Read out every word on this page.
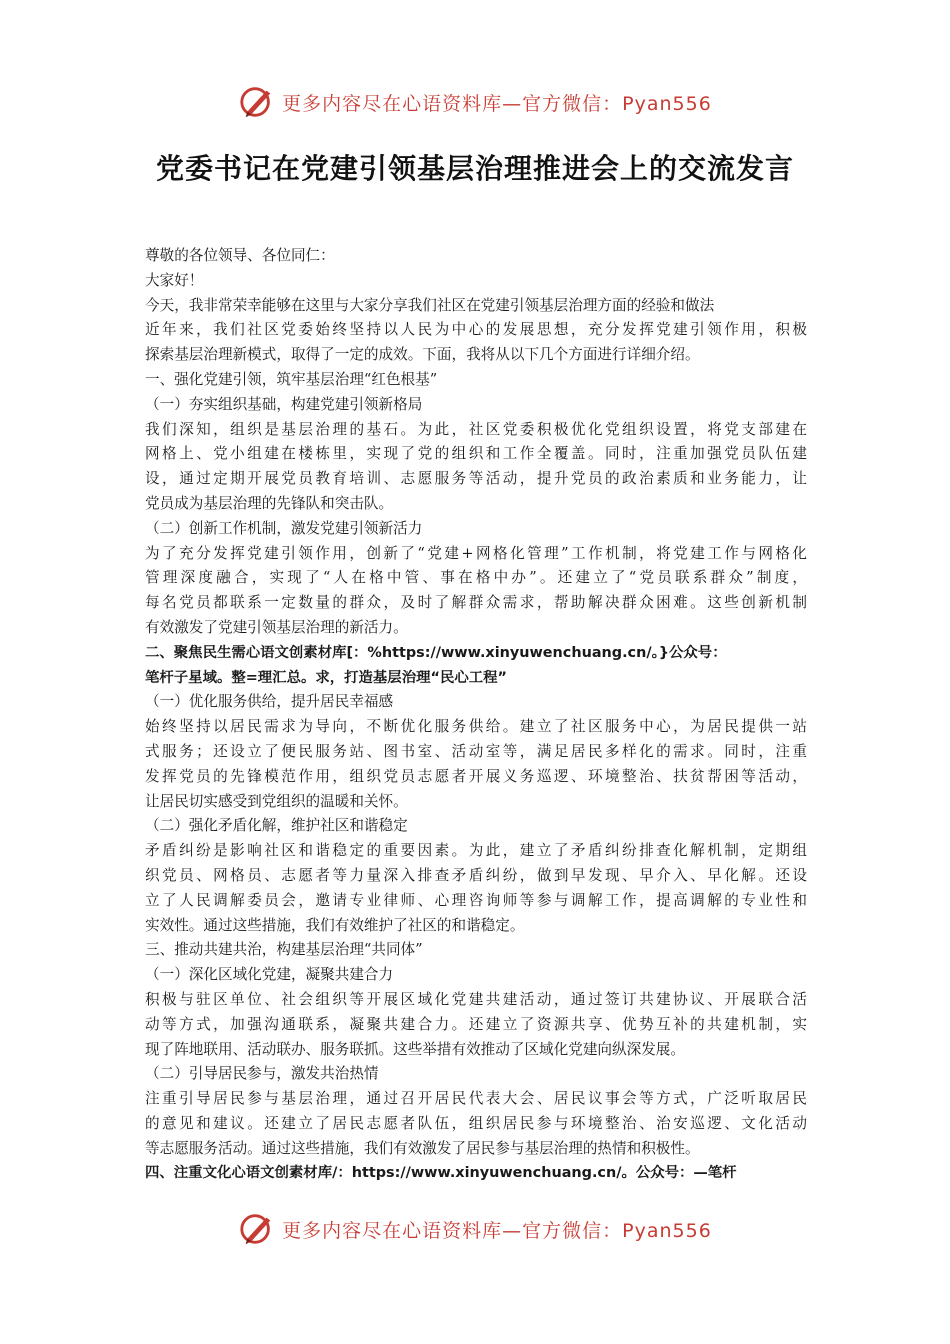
更多内容尽在心语资料库—官方微信：Pyan556
党委书记在党建引领基层治理推进会上的交流发言
尊敬的各位领导、各位同仁：
大家好！
今天，我非常荣幸能够在这里与大家分享我们社区在党建引领基层治理方面的经验和做法
近年来，我们社区党委始终坚持以人民为中心的发展思想，充分发挥党建引领作用，积极
探索基层治理新模式，取得了一定的成效。下面，我将从以下几个方面进行详细介绍。
一、强化党建引领，筑牢基层治理“红色根基”
（一）夯实组织基础，构建党建引领新格局
我们深知，组织是基层治理的基石。为此，社区党委积极优化党组织设置，将党支部建在
网格上、党小组建在楼栋里，实现了党的组织和工作全覆盖。同时，注重加强党员队伍建
设，通过定期开展党员教育培训、志愿服务等活动，提升党员的政治素质和业务能力，让
党员成为基层治理的先锋队和突击队。
（二）创新工作机制，激发党建引领新活力
为了充分发挥党建引领作用，创新了“党建+网格化管理”工作机制，将党建工作与网格化
管理深度融合，实现了“人在格中管、事在格中办”。还建立了“党员联系群众”制度，
每名党员都联系一定数量的群众，及时了解群众需求，帮助解决群众困难。这些创新机制
有效激发了党建引领基层治理的新活力。
二、聚焦民生需心语文创素材库[：%https://www.xinyuwenchuang.cn/。}公众号：
笔杆子星域。整=理汇总。求，打造基层治理“民心工程”
（一）优化服务供给，提升居民幸福感
始终坚持以居民需求为导向，不断优化服务供给。建立了社区服务中心，为居民提供一站
式服务；还设立了便民服务站、图书室、活动室等，满足居民多样化的需求。同时，注重
发挥党员的先锋模范作用，组织党员志愿者开展义务巡逻、环境整治、扶贫帮困等活动，
让居民切实感受到党组织的温暖和关怀。
（二）强化矛盾化解，维护社区和谐稳定
矛盾纠纷是影响社区和谐稳定的重要因素。为此，建立了矛盾纠纷排查化解机制，定期组
织党员、网格员、志愿者等力量深入排查矛盾纠纷，做到早发现、早介入、早化解。还设
立了人民调解委员会，邀请专业律师、心理咨询师等参与调解工作，提高调解的专业性和
实效性。通过这些措施，我们有效维护了社区的和谐稳定。
三、推动共建共治，构建基层治理“共同体”
（一）深化区域化党建，凝聚共建合力
积极与驻区单位、社会组织等开展区域化党建共建活动，通过签订共建协议、开展联合活
动等方式，加强沟通联系，凝聚共建合力。还建立了资源共享、优势互补的共建机制，实
现了阵地联用、活动联办、服务联抓。这些举措有效推动了区域化党建向纵深发展。
（二）引导居民参与，激发共治热情
注重引导居民参与基层治理，通过召开居民代表大会、居民议事会等方式，广泛听取居民
的意见和建议。还建立了居民志愿者队伍，组织居民参与环境整治、治安巡逻、文化活动
等志愿服务活动。通过这些措施，我们有效激发了居民参与基层治理的热情和积极性。
四、注重文化心语文创素材库/：https://www.xinyuwenchuang.cn/。公众号：—笔杆
更多内容尽在心语资料库—官方微信：Pyan556
